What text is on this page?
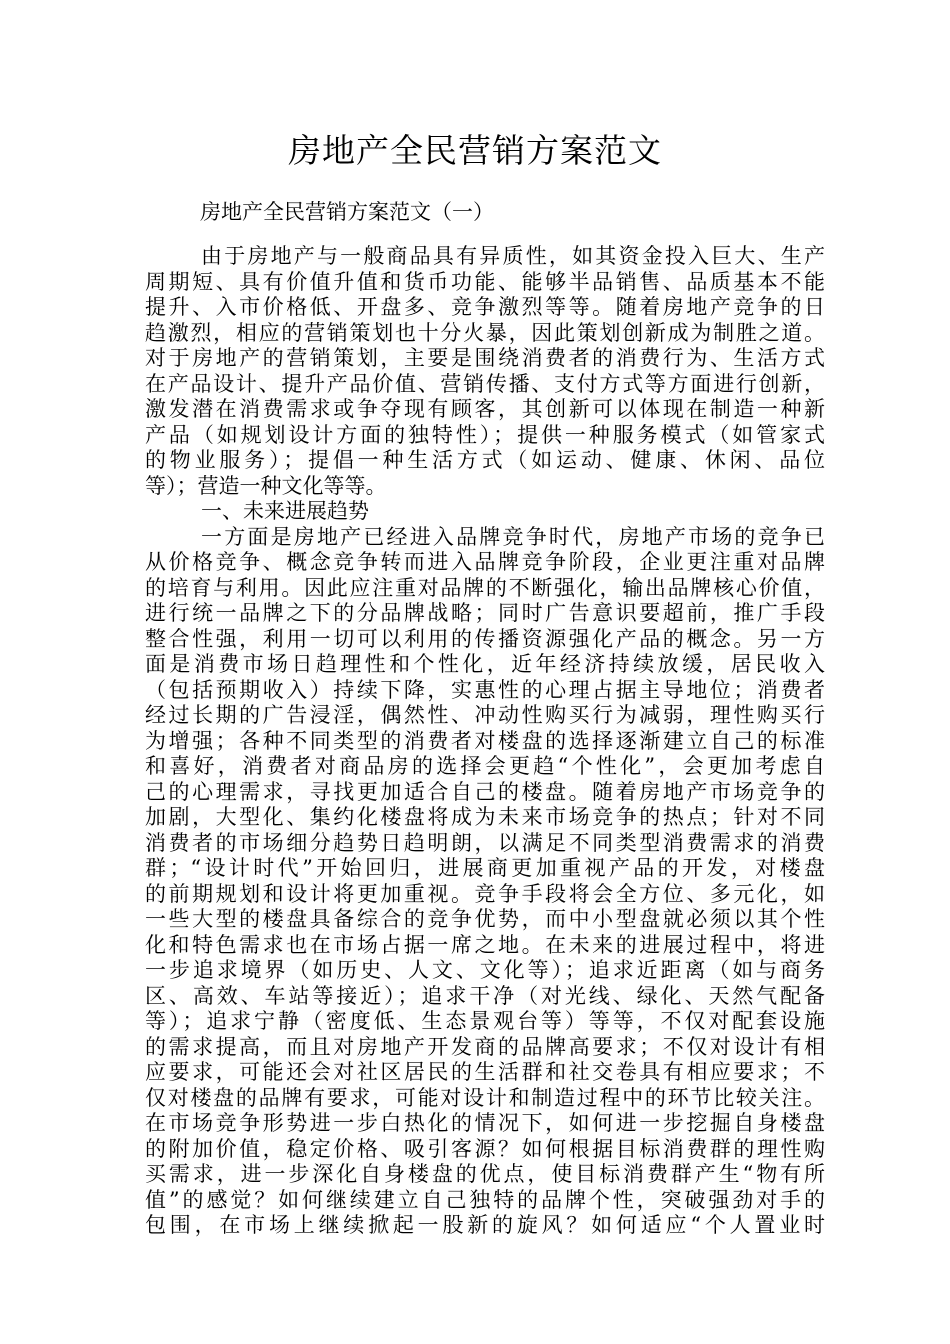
房地产全民营销方案范文
房地产全民营销方案范文（一）
由于房地产与一般商品具有异质性，如其资金投入巨大、生产
周期短、具有价值升值和货币功能、能够半品销售、品质基本不能
提升、入市价格低、开盘多、竞争激烈等等。随着房地产竞争的日
趋激烈，相应的营销策划也十分火暴，因此策划创新成为制胜之道。
对于房地产的营销策划，主要是围绕消费者的消费行为、生活方式
在产品设计、提升产品价值、营销传播、支付方式等方面进行创新，
激发潜在消费需求或争夺现有顾客，其创新可以体现在制造一种新
产品（如规划设计方面的独特性）；提供一种服务模式（如管家式
的物业服务）；提倡一种生活方式（如运动、健康、休闲、品位
等）；营造一种文化等等。
一、未来进展趋势
一方面是房地产已经进入品牌竞争时代，房地产市场的竞争已
从价格竞争、概念竞争转而进入品牌竞争阶段，企业更注重对品牌
的培育与利用。因此应注重对品牌的不断强化，输出品牌核心价值，
进行统一品牌之下的分品牌战略；同时广告意识要超前，推广手段
整合性强，利用一切可以利用的传播资源强化产品的概念。另一方
面是消费市场日趋理性和个性化，近年经济持续放缓，居民收入
（包括预期收入）持续下降，实惠性的心理占据主导地位；消费者
经过长期的广告浸淫，偶然性、冲动性购买行为减弱，理性购买行
为增强；各种不同类型的消费者对楼盘的选择逐渐建立自己的标准
和喜好，消费者对商品房的选择会更趋“个性化”，会更加考虑自
己的心理需求，寻找更加适合自己的楼盘。随着房地产市场竞争的
加剧，大型化、集约化楼盘将成为未来市场竞争的热点；针对不同
消费者的市场细分趋势日趋明朗，以满足不同类型消费需求的消费
群；“设计时代”开始回归，进展商更加重视产品的开发，对楼盘
的前期规划和设计将更加重视。竞争手段将会全方位、多元化，如
一些大型的楼盘具备综合的竞争优势，而中小型盘就必须以其个性
化和特色需求也在市场占据一席之地。在未来的进展过程中，将进
一步追求境界（如历史、人文、文化等）；追求近距离（如与商务
区、高效、车站等接近）；追求干净（对光线、绿化、天然气配备
等）；追求宁静（密度低、生态景观台等）等等，不仅对配套设施
的需求提高，而且对房地产开发商的品牌高要求；不仅对设计有相
应要求，可能还会对社区居民的生活群和社交卷具有相应要求；不
仅对楼盘的品牌有要求，可能对设计和制造过程中的环节比较关注。
在市场竞争形势进一步白热化的情况下，如何进一步挖掘自身楼盘
的附加价值，稳定价格、吸引客源？如何根据目标消费群的理性购
买需求，进一步深化自身楼盘的优点，使目标消费群产生“物有所
值”的感觉？如何继续建立自己独特的品牌个性，突破强劲对手的
包围，在市场上继续掀起一股新的旋风？如何适应“个人置业时
